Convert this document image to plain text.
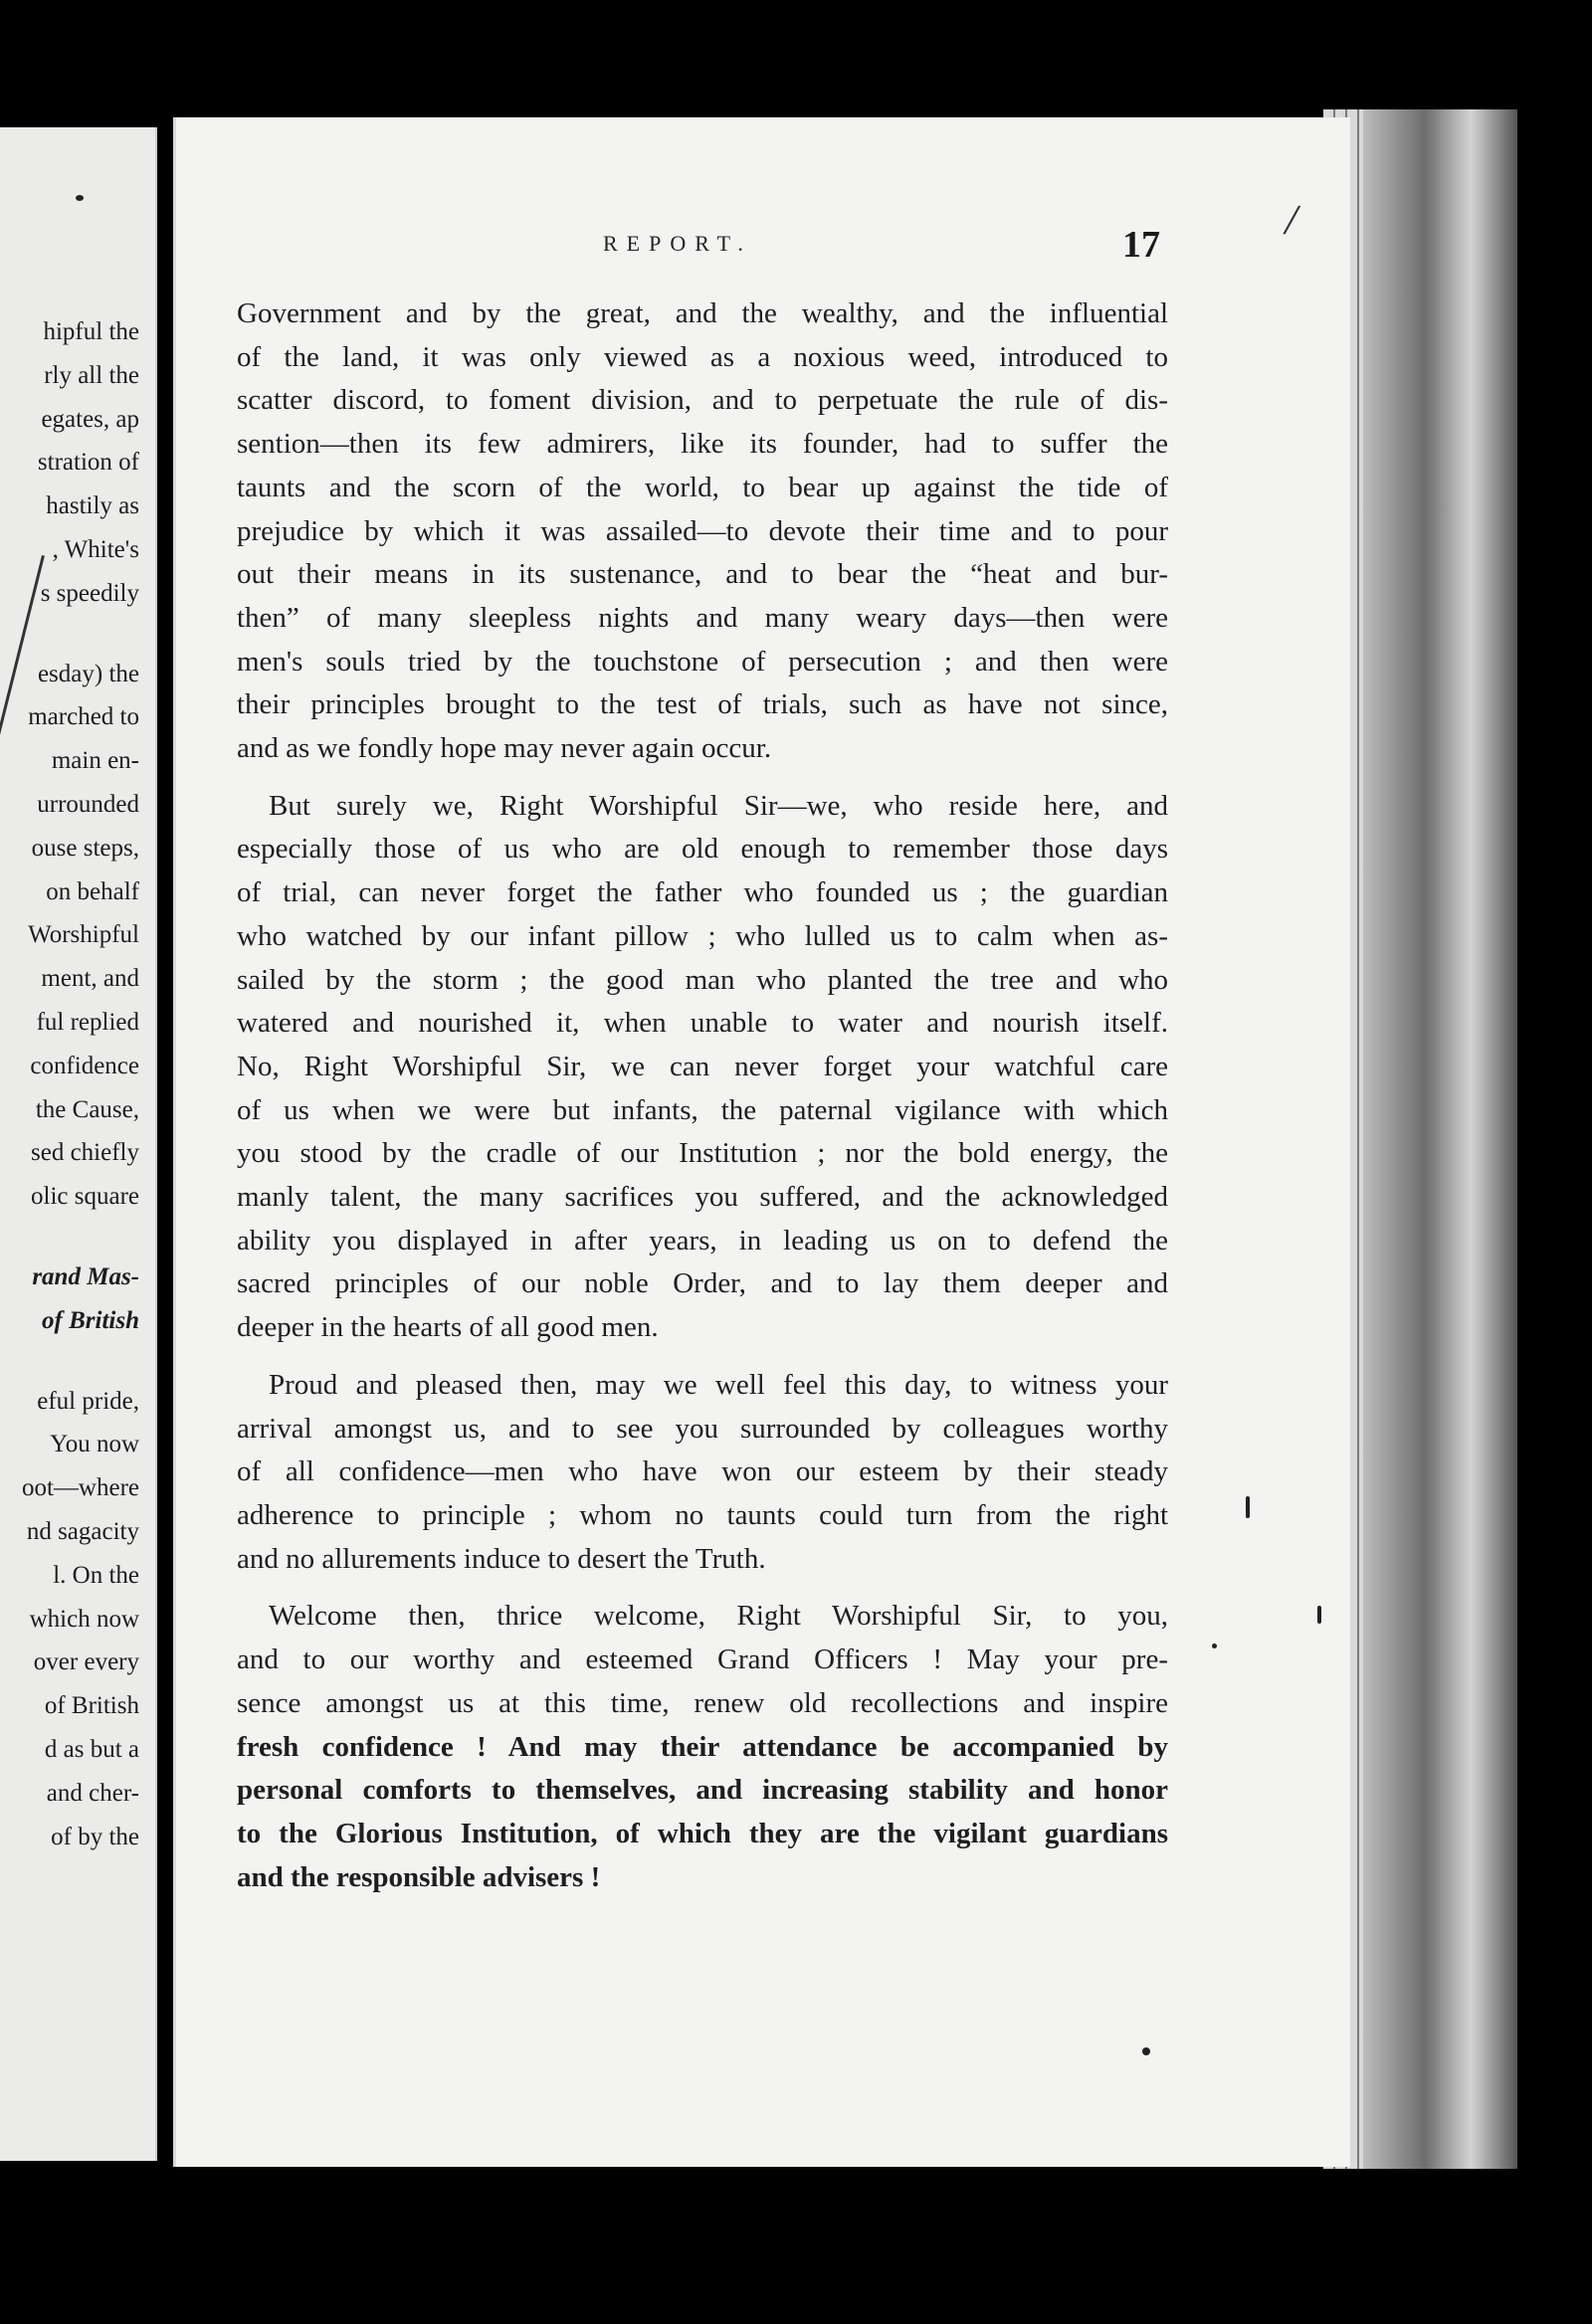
hipful the
rly all the
egates, ap
stration of
hastily as
, White's
s speedily
esday) the
marched to
main en-
urrounded
ouse steps,
on behalf
Worshipful
ment, and
ful replied
confidence
the Cause,
sed chiefly
olic square
rand Mas-
of British
eful pride,
You now
oot—where
nd sagacity
l. On the
which now
over every
of British
d as but a
and cher-
of by the
REPORT.	17	/

Government and by the great, and the wealthy, and the influential
of the land, it was only viewed as a noxious weed, introduced to
scatter discord, to foment division, and to perpetuate the rule of dis-
sention—then its few admirers, like its founder, had to suffer the
taunts and the scorn of the world, to bear up against the tide of
prejudice by which it was assailed—to devote their time and to pour
out their means in its sustenance, and to bear the “heat and bur-
then” of many sleepless nights and many weary days—then were
men's souls tried by the touchstone of persecution ; and then were
their principles brought to the test of trials, such as have not since,
and as we fondly hope may never again occur.

But surely we, Right Worshipful Sir—we, who reside here, and
especially those of us who are old enough to remember those days
of trial, can never forget the father who founded us ; the guardian
who watched by our infant pillow ; who lulled us to calm when as-
sailed by the storm ; the good man who planted the tree and who
watered and nourished it, when unable to water and nourish itself.
No, Right Worshipful Sir, we can never forget your watchful care
of us when we were but infants, the paternal vigilance with which
you stood by the cradle of our Institution ; nor the bold energy, the
manly talent, the many sacrifices you suffered, and the acknowledged
ability you displayed in after years, in leading us on to defend the
sacred principles of our noble Order, and to lay them deeper and
deeper in the hearts of all good men.

Proud and pleased then, may we well feel this day, to witness your
arrival amongst us, and to see you surrounded by colleagues worthy
of all confidence—men who have won our esteem by their steady
adherence to principle ; whom no taunts could turn from the right
and no allurements induce to desert the Truth.

Welcome then, thrice welcome, Right Worshipful Sir, to you,
and to our worthy and esteemed Grand Officers ! May your pre-
sence amongst us at this time, renew old recollections and inspire
fresh confidence ! And may their attendance be accompanied by
personal comforts to themselves, and increasing stability and honor
to the Glorious Institution, of which they are the vigilant guardians
and the responsible advisers !
